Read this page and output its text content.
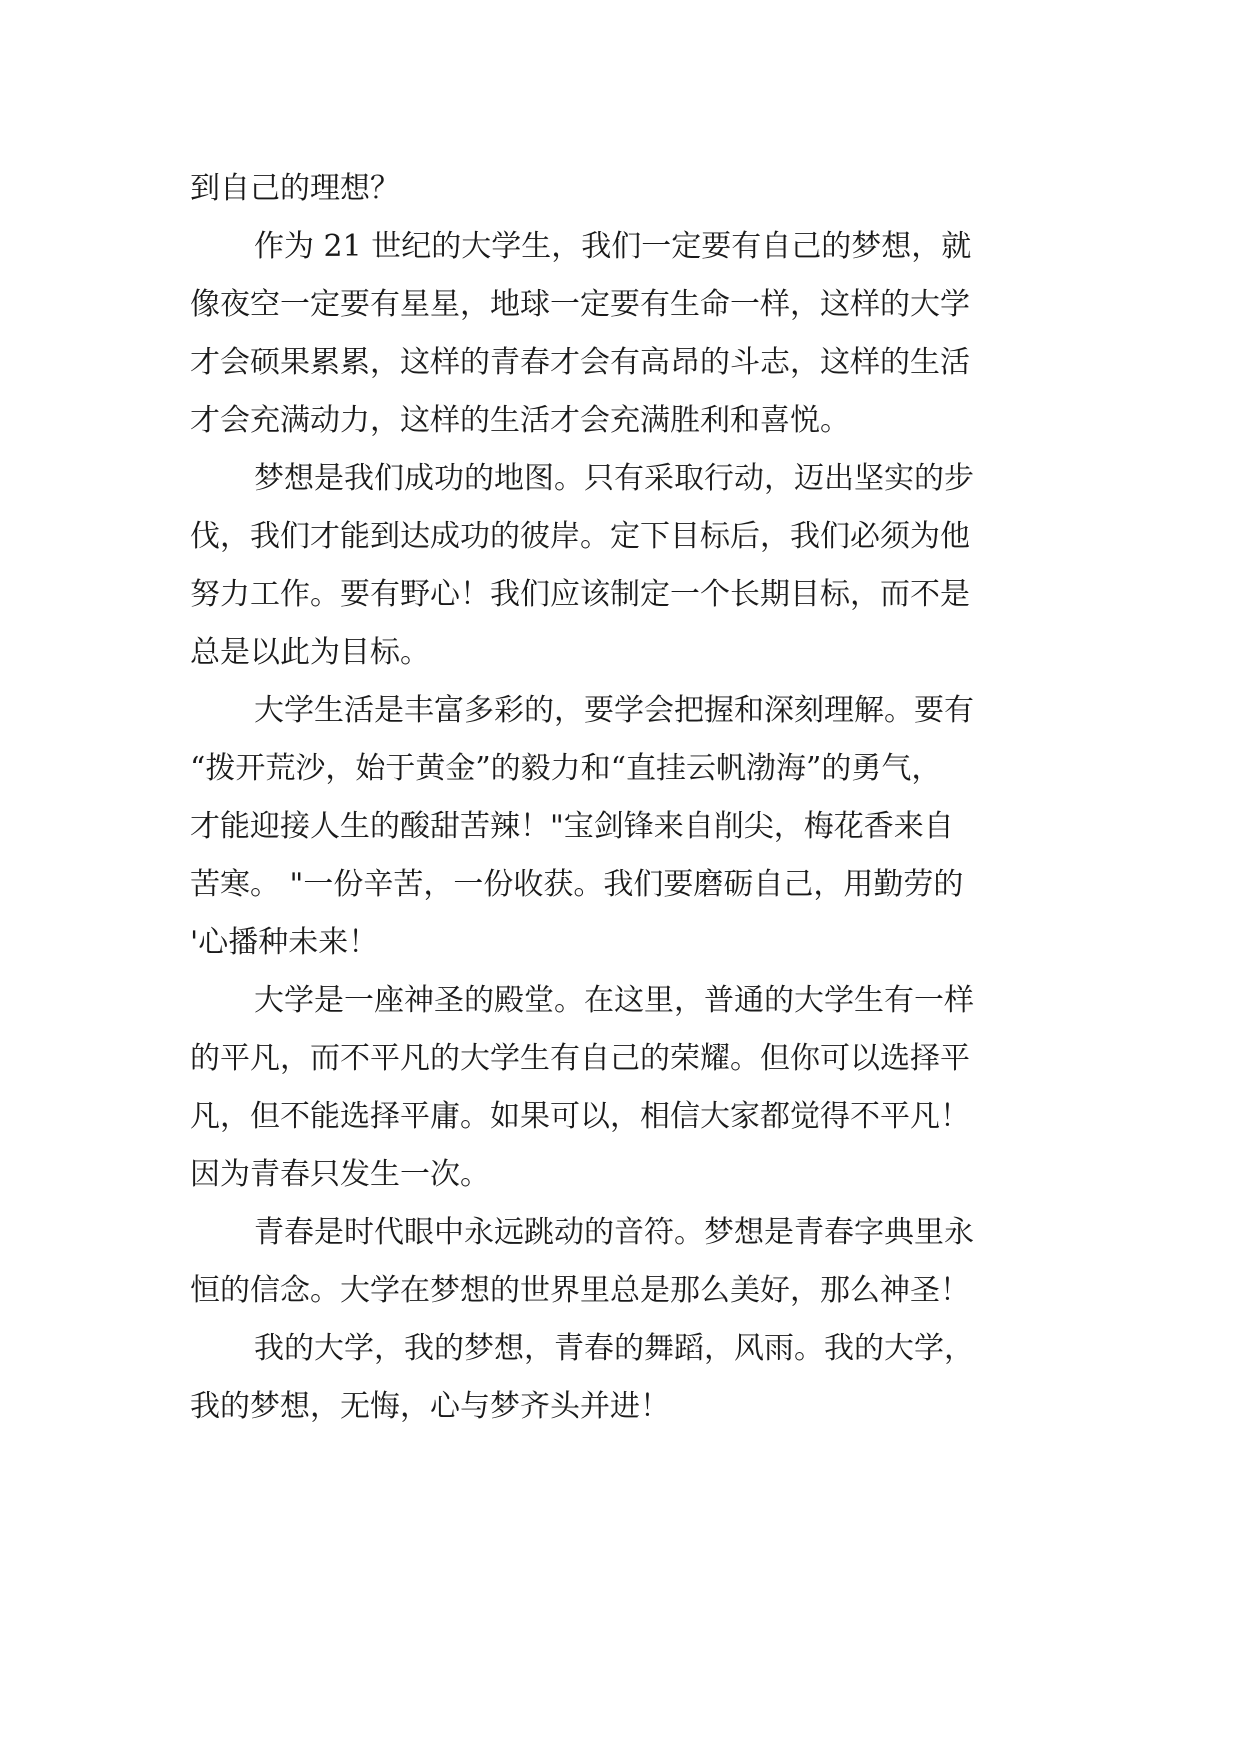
到自己的理想？

作为 21 世纪的大学生，我们一定要有自己的梦想，就
像夜空一定要有星星，地球一定要有生命一样，这样的大学
才会硕果累累，这样的青春才会有高昂的斗志，这样的生活
才会充满动力，这样的生活才会充满胜利和喜悦。

梦想是我们成功的地图。只有采取行动，迈出坚实的步
伐，我们才能到达成功的彼岸。定下目标后，我们必须为他
努力工作。要有野心！我们应该制定一个长期目标，而不是
总是以此为目标。

大学生活是丰富多彩的，要学会把握和深刻理解。要有
“拨开荒沙，始于黄金”的毅力和“直挂云帆渤海”的勇气，
才能迎接人生的酸甜苦辣！"宝剑锋来自削尖，梅花香来自
苦寒。 "一份辛苦，一份收获。我们要磨砺自己，用勤劳的
'心播种未来！

大学是一座神圣的殿堂。在这里，普通的大学生有一样
的平凡，而不平凡的大学生有自己的荣耀。但你可以选择平
凡，但不能选择平庸。如果可以，相信大家都觉得不平凡！
因为青春只发生一次。

青春是时代眼中永远跳动的音符。梦想是青春字典里永
恒的信念。大学在梦想的世界里总是那么美好，那么神圣！

我的大学，我的梦想，青春的舞蹈，风雨。我的大学，
我的梦想，无悔，心与梦齐头并进！
